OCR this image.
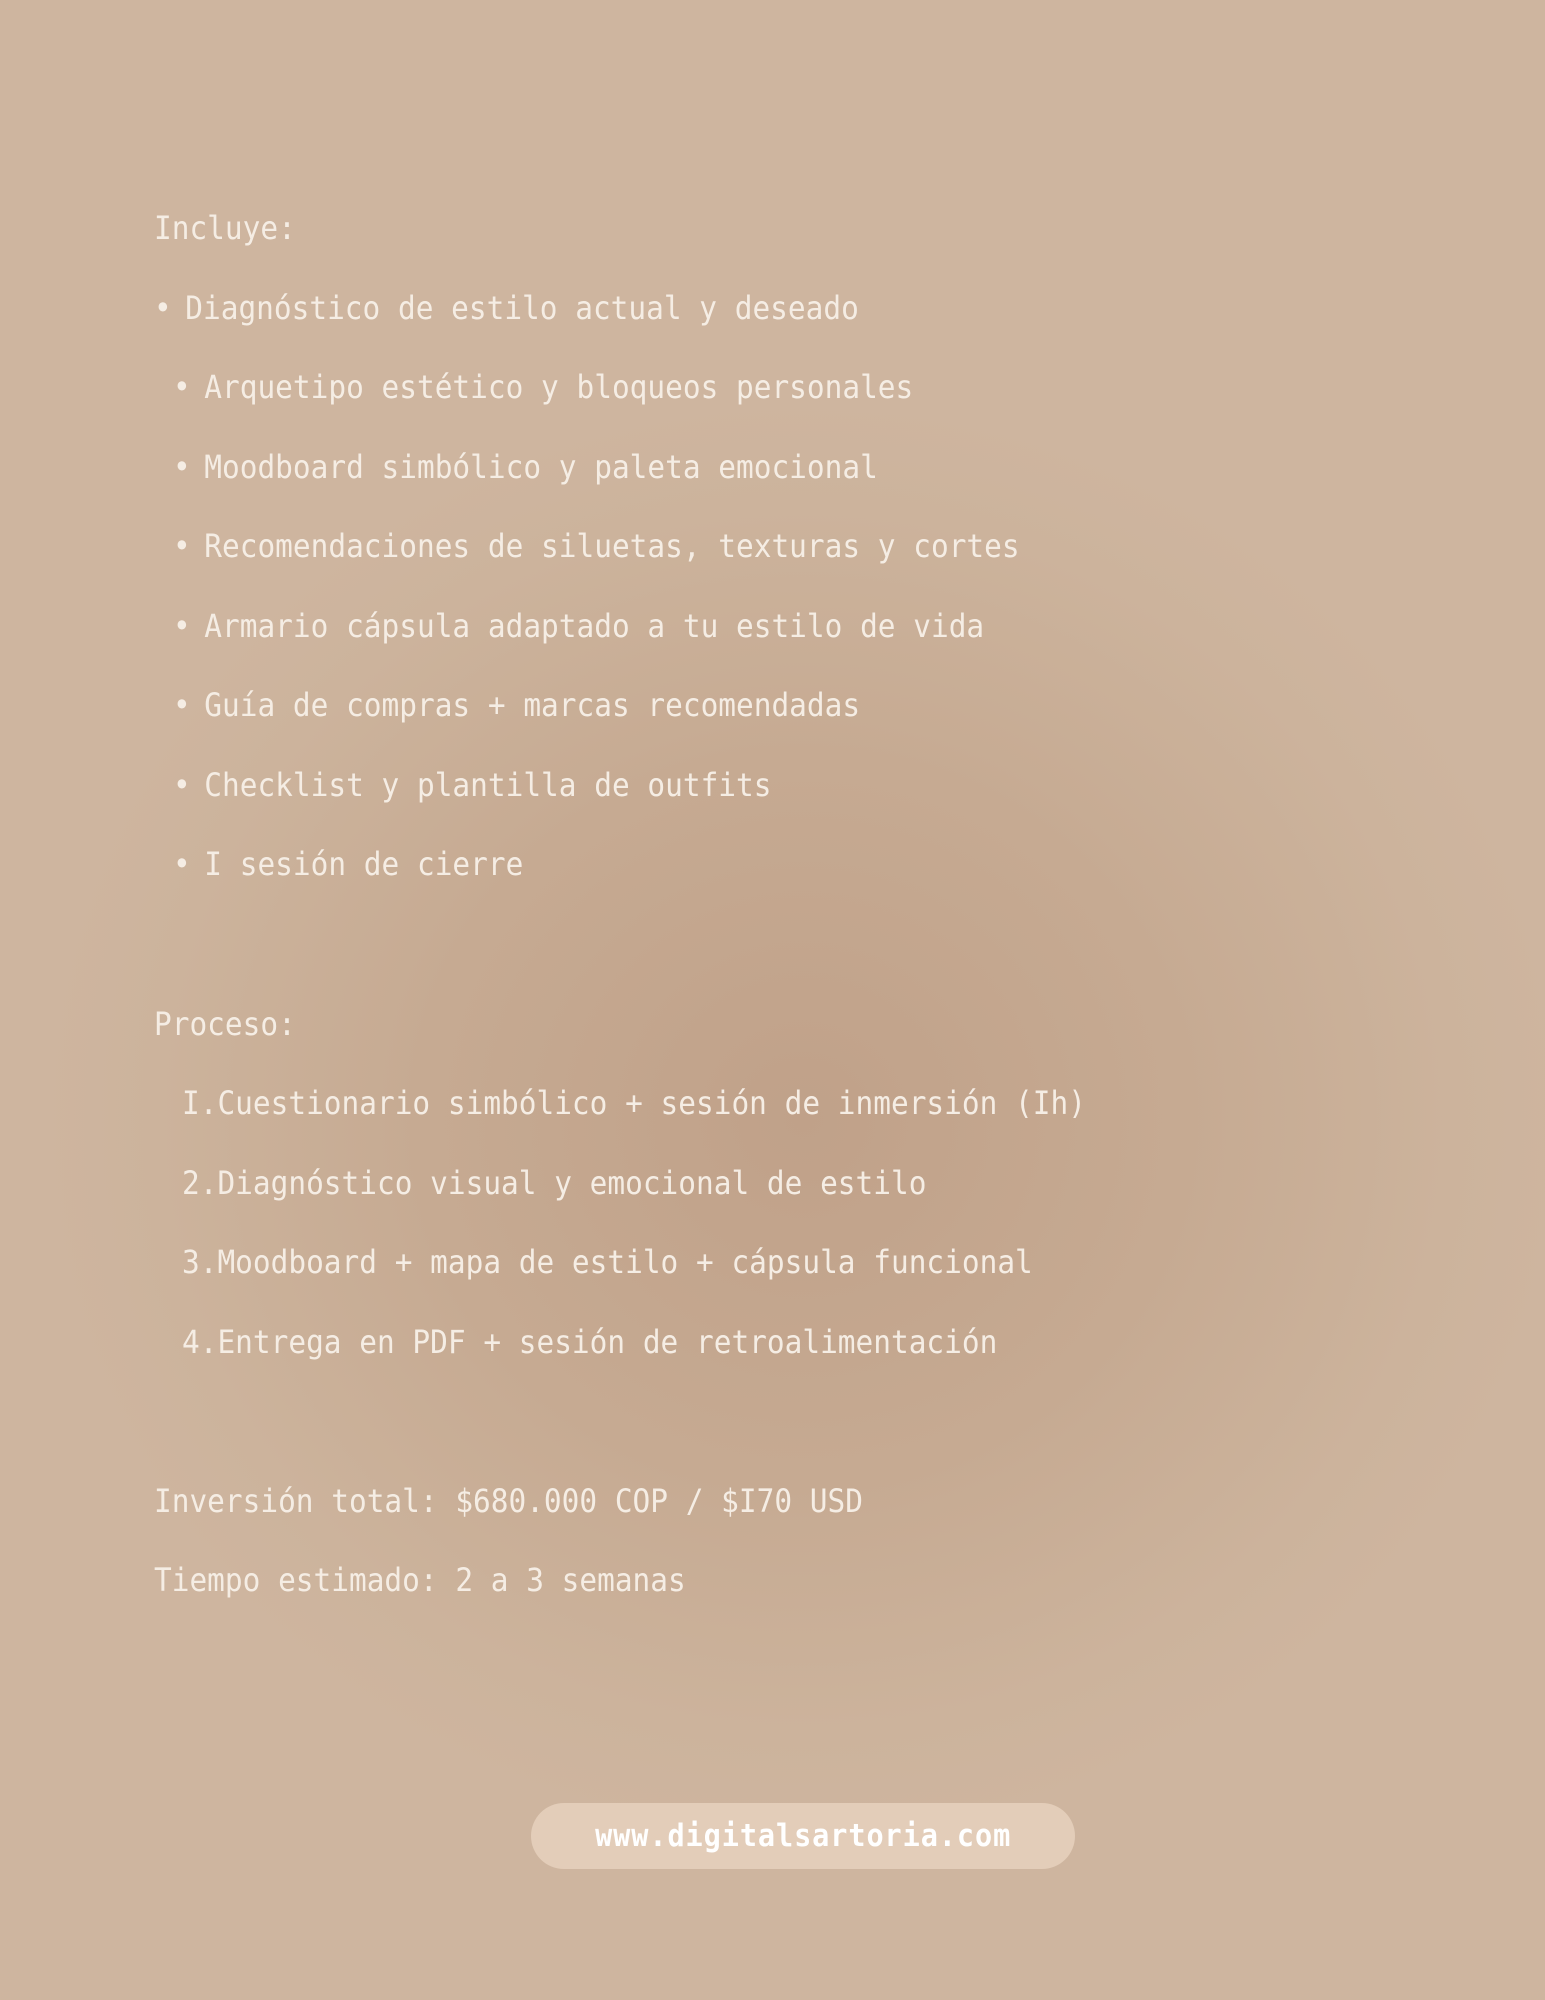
Incluye:
• Diagnóstico de estilo actual y deseado
• Arquetipo estético y bloqueos personales
• Moodboard simbólico y paleta emocional
• Recomendaciones de siluetas, texturas y cortes
• Armario cápsula adaptado a tu estilo de vida
• Guía de compras + marcas recomendadas
• Checklist y plantilla de outfits
• I sesión de cierre
Proceso:
I.Cuestionario simbólico + sesión de inmersión (Ih)
2.Diagnóstico visual y emocional de estilo
3.Moodboard + mapa de estilo + cápsula funcional
4.Entrega en PDF + sesión de retroalimentación
Inversión total: $680.000 COP / $I70 USD
Tiempo estimado: 2 a 3 semanas
www.digitalsartoria.com
